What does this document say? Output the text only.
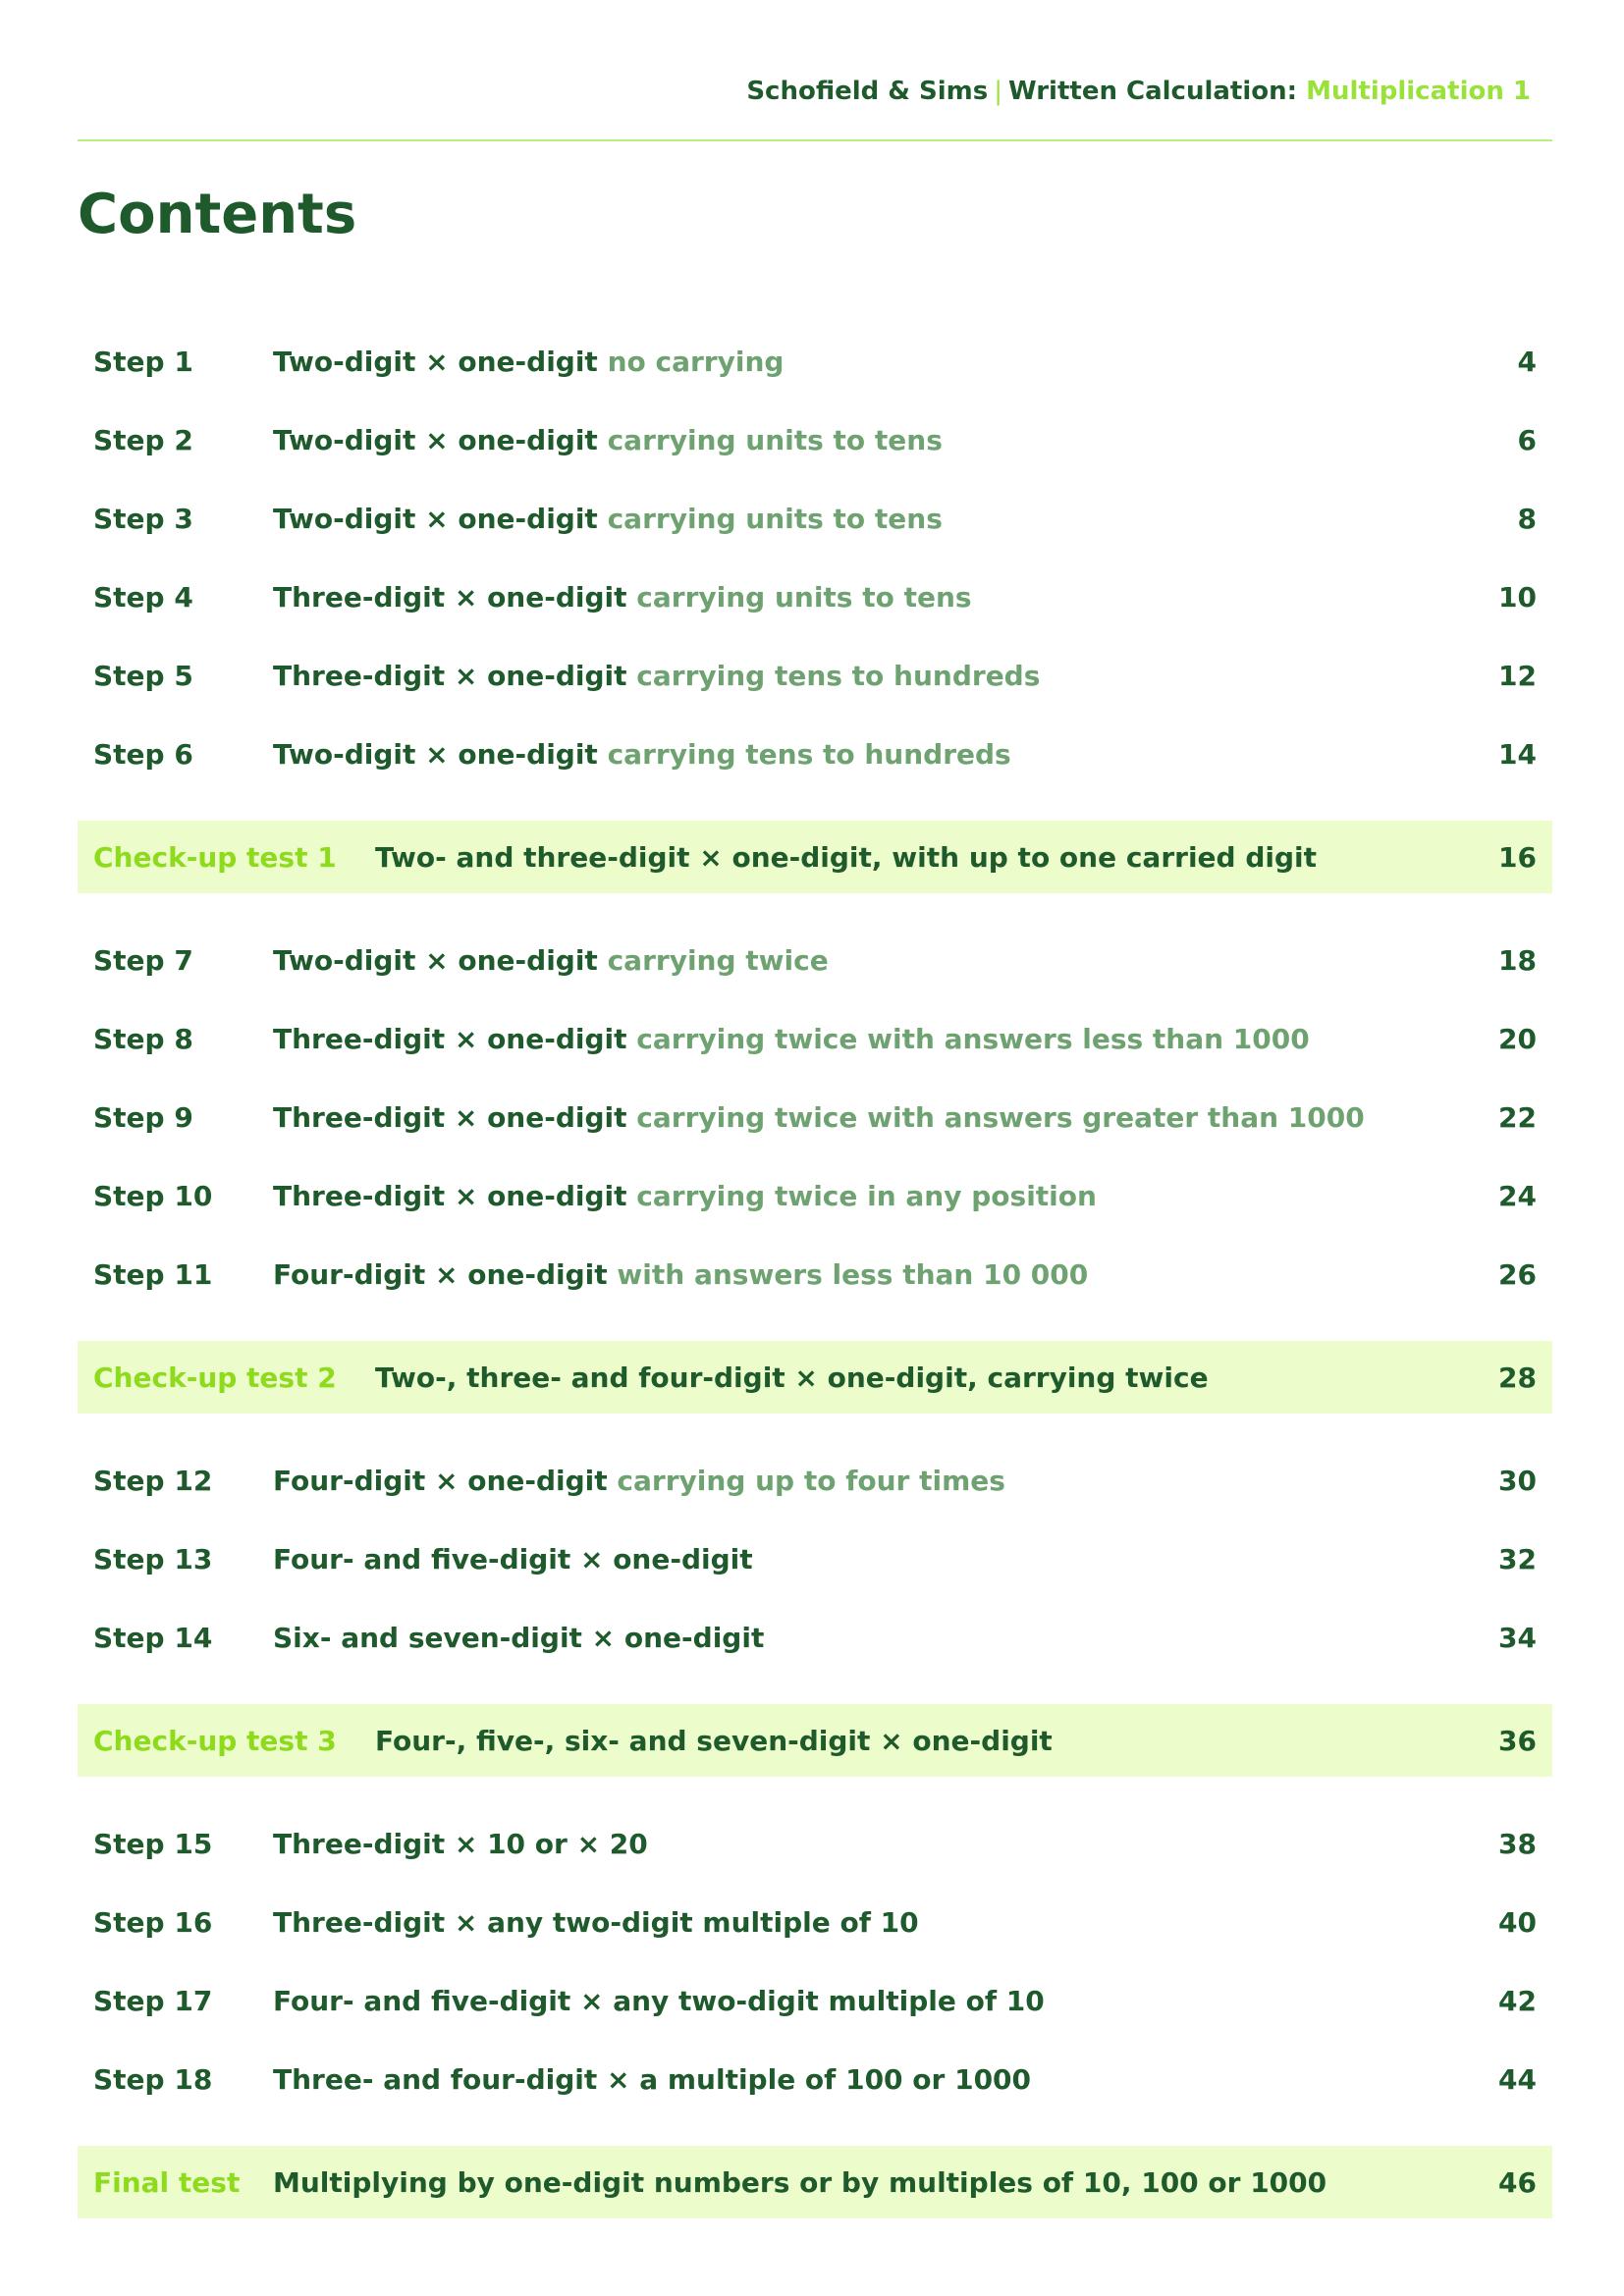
Schofield & Sims | Written Calculation: Multiplication 1
Contents
Step 1	Two-digit × one-digit no carrying	4
Step 2	Two-digit × one-digit carrying units to tens	6
Step 3	Two-digit × one-digit carrying units to tens	8
Step 4	Three-digit × one-digit carrying units to tens	10
Step 5	Three-digit × one-digit carrying tens to hundreds	12
Step 6	Two-digit × one-digit carrying tens to hundreds	14
Check-up test 1 Two- and three-digit × one-digit, with up to one carried digit	16
Step 7	Two-digit × one-digit carrying twice	18
Step 8	Three-digit × one-digit carrying twice with answers less than 1000	20
Step 9	Three-digit × one-digit carrying twice with answers greater than 1000	22
Step 10 Three-digit × one-digit carrying twice in any position	24
Step 11 Four-digit × one-digit with answers less than 10 000	26
Check-up test 2 Two-, three- and four-digit × one-digit, carrying twice	28
Step 12 Four-digit × one-digit carrying up to four times	30
Step 13 Four- and five-digit × one-digit	32
Step 14 Six- and seven-digit × one-digit	34
Check-up test 3 Four-, five-, six- and seven-digit × one-digit	36
Step 15 Three-digit × 10 or × 20	38
Step 16 Three-digit × any two-digit multiple of 10	40
Step 17 Four- and five-digit × any two-digit multiple of 10	42
Step 18 Three- and four-digit × a multiple of 100 or 1000	44
Final test Multiplying by one-digit numbers or by multiples of 10, 100 or 1000	46
